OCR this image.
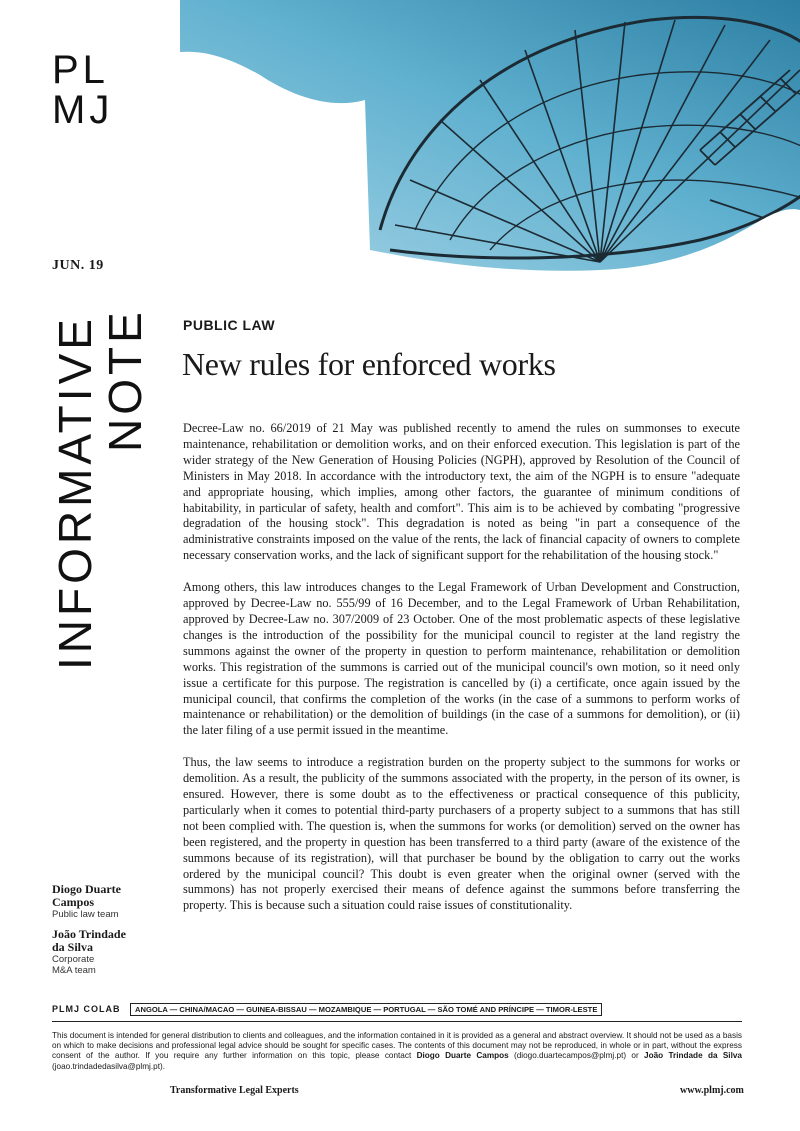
PL
MJ
JUN. 19
INFORMATIVE
NOTE PUBLIC LAW
New rules for enforced works

Decree-Law no. 66/2019 of 21 May was published recently to amend the rules on summonses to execute maintenance, rehabilitation or demolition works, and on their enforced execution. This legislation is part of the wider strategy of the New Generation of Housing Policies (NGPH), approved by Resolution of the Council of Ministers in May 2018. In accordance with the introductory text, the aim of the NGPH is to ensure "adequate and appropriate housing, which implies, among other factors, the guarantee of minimum conditions of habitability, in particular of safety, health and comfort". This aim is to be achieved by combating "progressive degradation of the housing stock". This degradation is noted as being "in part a consequence of the administrative constraints imposed on the value of the rents, the lack of financial capacity of owners to complete necessary conservation works, and the lack of significant support for the rehabilitation of the housing stock."

Among others, this law introduces changes to the Legal Framework of Urban Development and Construction, approved by Decree-Law no. 555/99 of 16 December, and to the Legal Framework of Urban Rehabilitation, approved by Decree-Law no. 307/2009 of 23 October. One of the most problematic aspects of these legislative changes is the introduction of the possibility for the municipal council to register at the land registry the summons against the owner of the property in question to perform maintenance, rehabilitation or demolition works. This registration of the summons is carried out of the municipal council's own motion, so it need only issue a certificate for this purpose. The registration is cancelled by (i) a certificate, once again issued by the municipal council, that confirms the completion of the works (in the case of a summons to perform works of maintenance or rehabilitation) or the demolition of buildings (in the case of a summons for demolition), or (ii) the later filing of a use permit issued in the meantime.

Thus, the law seems to introduce a registration burden on the property subject to the summons for works or demolition. As a result, the publicity of the summons associated with the property, in the person of its owner, is ensured. However, there is some doubt as to the effectiveness or practical consequence of this publicity, particularly when it comes to potential third-party purchasers of a property subject to a summons that has still not been complied with. The question is, when the summons for works (or demolition) served on the owner has been registered, and the property in question has been transferred to a third party (aware of the existence of the summons because of its registration), will that purchaser be bound by the obligation to carry out the works ordered by the municipal council? This doubt is even greater when the original owner (served with the summons) has not properly exercised their means of defence against the summons before transferring the property. This is because such a situation could raise issues of constitutionality.

Diogo Duarte
Campos
Public law team
João Trindade
da Silva
Corporate
M&A team
PLMJ COLAB	ANGOLA — CHINA/MACAO — GUINEA-BISSAU — MOZAMBIQUE — PORTUGAL — SÃO TOMÉ AND PRÍNCIPE — TIMOR-LESTE
This document is intended for general distribution to clients and colleagues, and the information contained in it is provided as a general and abstract overview. It should not be used as a basis on which to make decisions and professional legal advice should be sought for specific cases. The contents of this document may not be reproduced, in whole or in part, without the express consent of the author. If you require any further information on this topic, please contact Diogo Duarte Campos (diogo.duartecampos@plmj.pt) or João Trindade da Silva (joao.trindadedasilva@plmj.pt).
Transformative Legal Experts	www.plmj.com
